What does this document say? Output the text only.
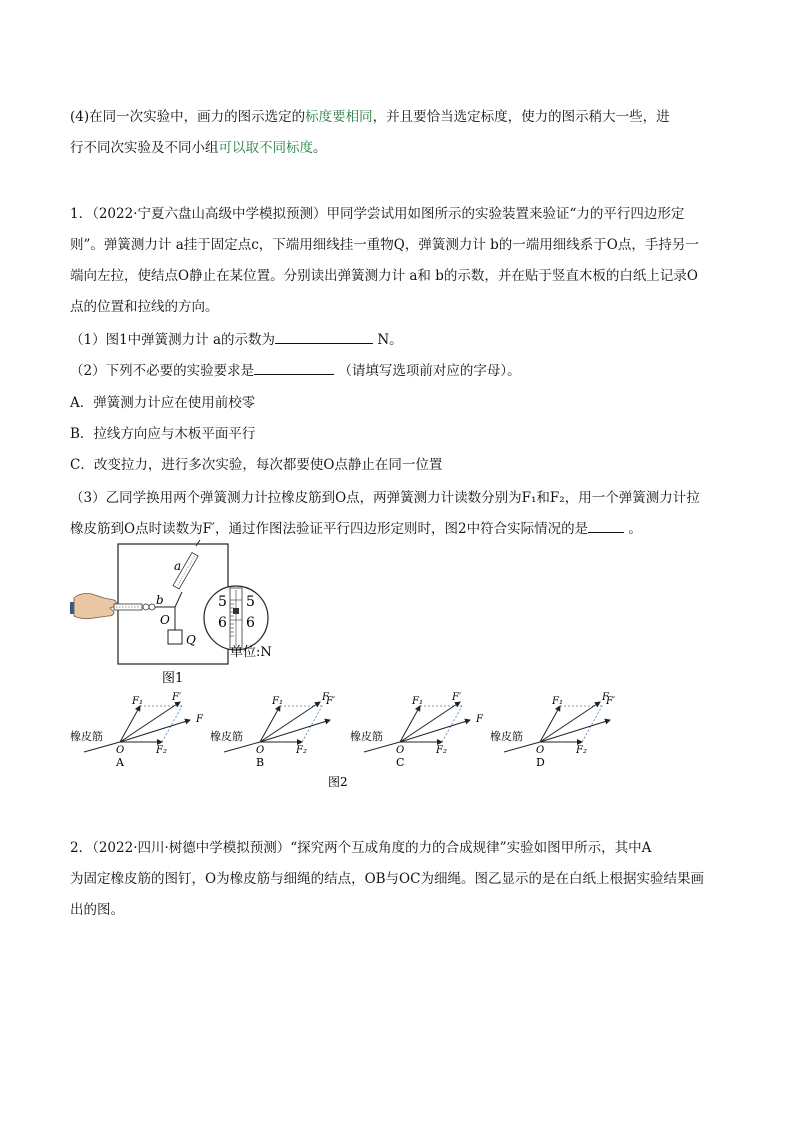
(4)在同一次实验中，画力的图示选定的标度要相同，并且要恰当选定标度，使力的图示稍大一些，进
行不同次实验及不同小组可以取不同标度。
1．（2022·宁夏六盘山高级中学模拟预测）甲同学尝试用如图所示的实验装置来验证“力的平行四边形定
则”。弹簧测力计 a挂于固定点c，下端用细线挂一重物Q，弹簧测力计 b的一端用细线系于O点，手持另一
端向左拉，使结点O静止在某位置。分别读出弹簧测力计 a和 b的示数，并在贴于竖直木板的白纸上记录O
点的位置和拉线的方向。
（1）图1中弹簧测力计 a的示数为	N。
（2）下列不必要的实验要求是	（请填写选项前对应的字母）。
A．弹簧测力计应在使用前校零
B．拉线方向应与木板平面平行
C．改变拉力，进行多次实验，每次都要使O点静止在同一位置
（3）乙同学换用两个弹簧测力计拉橡皮筋到O点，两弹簧测力计读数分别为F₁和F₂，用一个弹簧测力计拉
橡皮筋到O点时读数为F′，通过作图法验证平行四边形定则时，图2中符合实际情况的是	。
b
O
Q
a
5
6
5
6
单位:N
图1
橡皮筋
O
F₁	F′
F
F₂
A
橡皮筋
O
F₁	F
F′
F₂
B
橡皮筋
O
F₁	F′
F
F₂
C
橡皮筋
O
F₁	F
F′
F₂
D
图2
2．（2022·四川·树德中学模拟预测）“探究两个互成角度的力的合成规律”实验如图甲所示，其中A
为固定橡皮筋的图钉，O为橡皮筋与细绳的结点，OB与OC为细绳。图乙显示的是在白纸上根据实验结果画
出的图。
